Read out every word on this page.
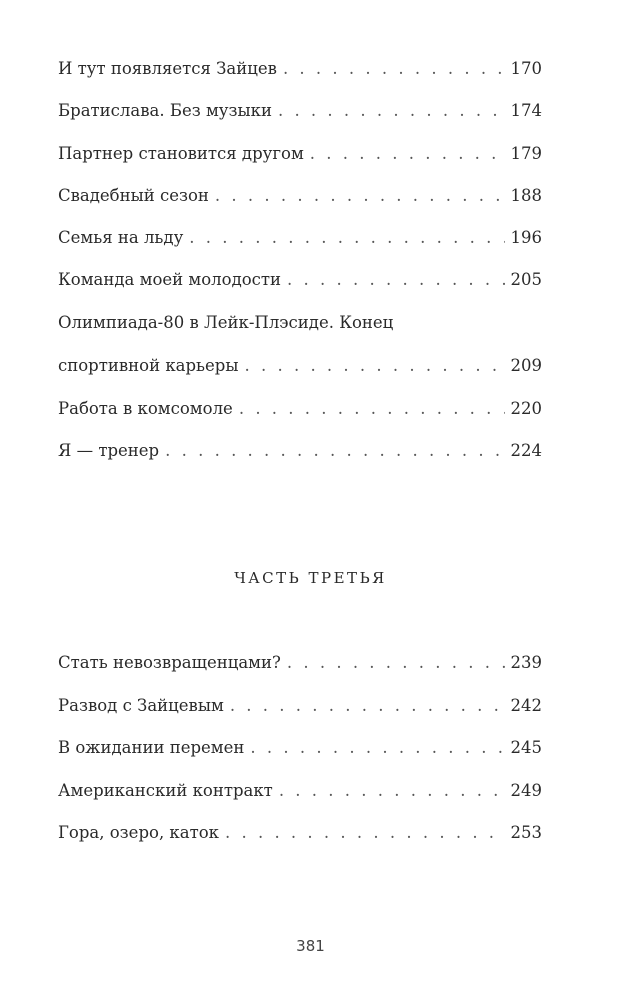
И тут появляется Зайцев . . .	170
Братислава. Без музыки . . .	174
Партнер становится другом . . .	179
Свадебный сезон . . .	188
Семья на льду . . .	196
Команда моей молодости . . .	205
Олимпиада-80 в Лейк-Плэсиде. Конец
спортивной карьеры . . .	209
Работа в комсомоле . . .	220
Я — тренер . . .	224
ЧАСТЬ ТРЕТЬЯ
Стать невозвращенцами? . . .	239
Развод с Зайцевым . . .	242
В ожидании перемен . . .	245
Американский контракт . . .	249
Гора, озеро, каток . . .	253
381
